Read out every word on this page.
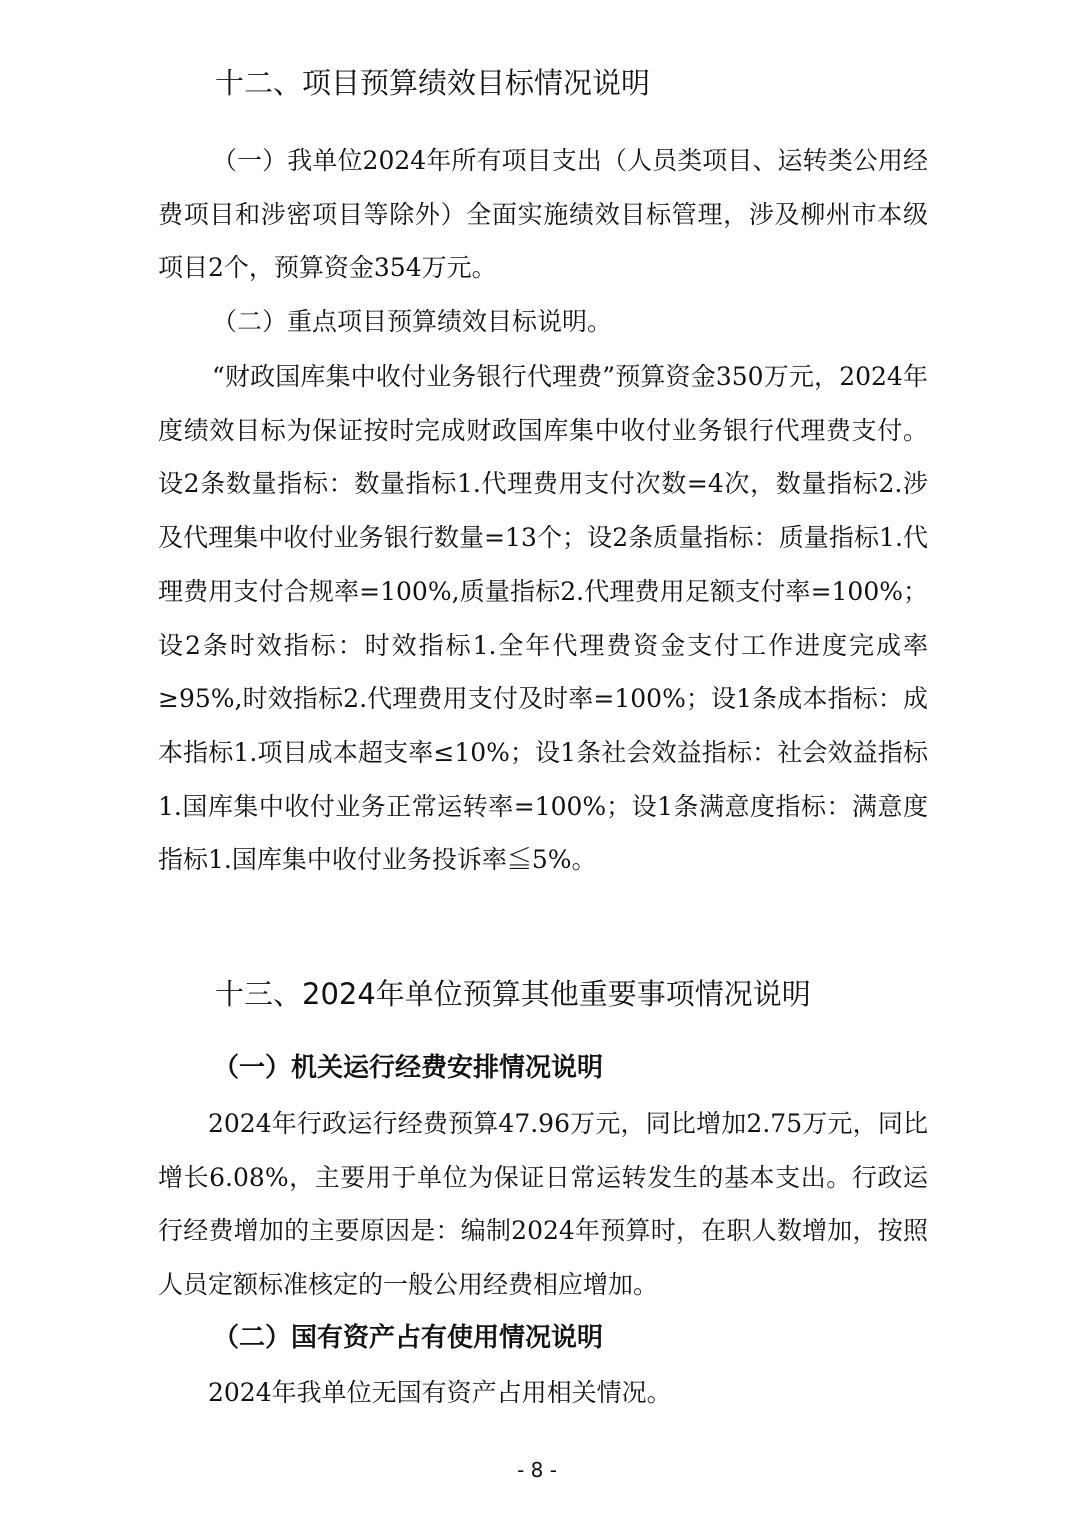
十二、项目预算绩效目标情况说明

（一）我单位2024年所有项目支出（人员类项目、运转类公用经费项目和涉密项目等除外）全面实施绩效目标管理，涉及柳州市本级项目2个，预算资金354万元。

（二）重点项目预算绩效目标说明。

“财政国库集中收付业务银行代理费”预算资金350万元，2024年度绩效目标为保证按时完成财政国库集中收付业务银行代理费支付。设2条数量指标：数量指标1.代理费用支付次数=4次，数量指标2.涉及代理集中收付业务银行数量=13个；设2条质量指标：质量指标1.代理费用支付合规率=100%,质量指标2.代理费用足额支付率=100%；设2条时效指标：时效指标1.全年代理费资金支付工作进度完成率≥95%,时效指标2.代理费用支付及时率=100%；设1条成本指标：成本指标1.项目成本超支率≤10%；设1条社会效益指标：社会效益指标1.国库集中收付业务正常运转率=100%；设1条满意度指标：满意度指标1.国库集中收付业务投诉率≦5%。

十三、2024年单位预算其他重要事项情况说明
（一）机关运行经费安排情况说明

2024年行政运行经费预算47.96万元，同比增加2.75万元，同比增长6.08%，主要用于单位为保证日常运转发生的基本支出。行政运行经费增加的主要原因是：编制2024年预算时，在职人数增加，按照人员定额标准核定的一般公用经费相应增加。

（二）国有资产占有使用情况说明

2024年我单位无国有资产占用相关情况。

- 8 -
